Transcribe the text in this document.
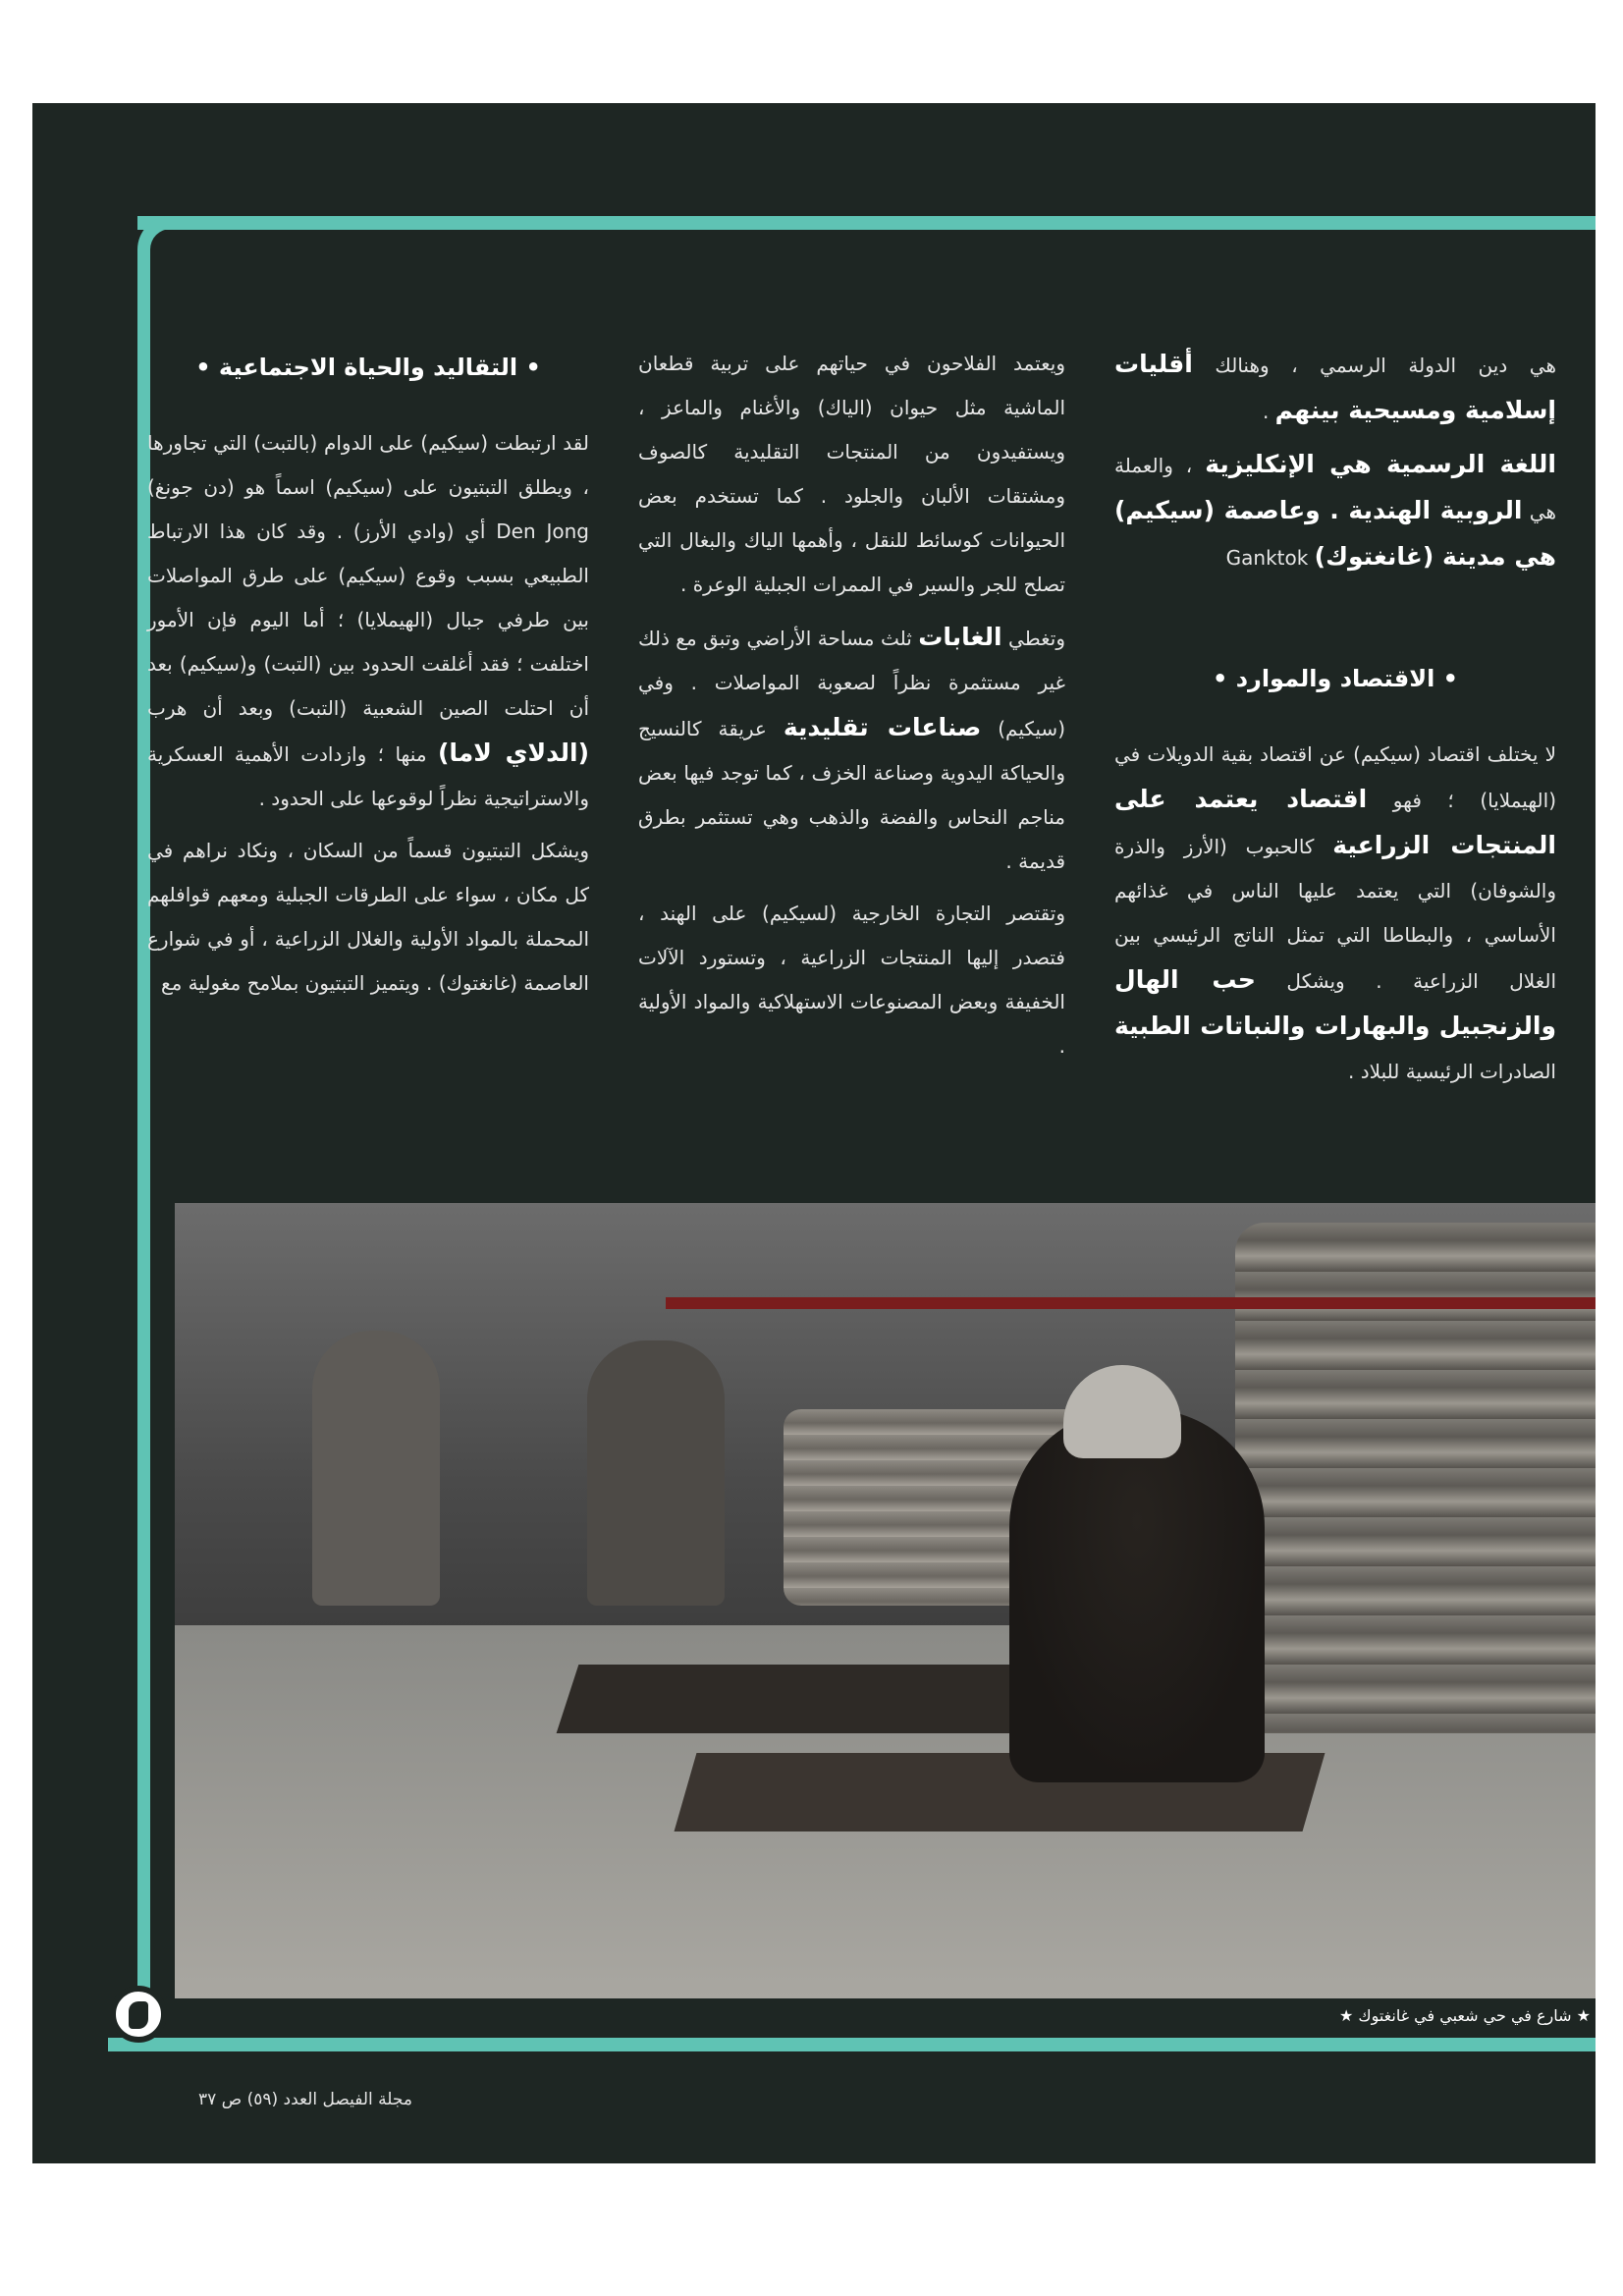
هي دين الدولة الرسمي ، وهنالك أقليات إسلامية ومسيحية بينهم .

اللغة الرسمية هي الإنكليزية ، والعملة هي الروبية الهندية . وعاصمة (سيكيم) هي مدينة (غانغتوك) Ganktok

• الاقتصاد والموارد •

لا يختلف اقتصاد (سيكيم) عن اقتصاد بقية الدويلات في (الهيملايا) ؛ فهو اقتصاد يعتمد على المنتجات الزراعية كالحبوب (الأرز والذرة والشوفان) التي يعتمد عليها الناس في غذائهم الأساسي ، والبطاطا التي تمثل الناتج الرئيسي بين الغلال الزراعية . ويشكل حب الهال والزنجبيل والبهارات والنباتات الطبية الصادرات الرئيسية للبلاد .

ويعتمد الفلاحون في حياتهم على تربية قطعان الماشية مثل حيوان (الياك) والأغنام والماعز ، ويستفيدون من المنتجات التقليدية كالصوف ومشتقات الألبان والجلود . كما تستخدم بعض الحيوانات كوسائط للنقل ، وأهمها الياك والبغال التي تصلح للجر والسير في الممرات الجبلية الوعرة .

وتغطي الغابات ثلث مساحة الأراضي وتبق مع ذلك غير مستثمرة نظراً لصعوبة المواصلات . وفي (سيكيم) صناعات تقليدية عريقة كالنسيج والحياكة اليدوية وصناعة الخزف ، كما توجد فيها بعض مناجم النحاس والفضة والذهب وهي تستثمر بطرق قديمة .

وتقتصر التجارة الخارجية (لسيكيم) على الهند ، فتصدر إليها المنتجات الزراعية ، وتستورد الآلات الخفيفة وبعض المصنوعات الاستهلاكية والمواد الأولية .

• التقاليد والحياة الاجتماعية •

لقد ارتبطت (سيكيم) على الدوام (بالتبت) التي تجاورها ، ويطلق التبتيون على (سيكيم) اسماً هو (دن جونغ) Den Jong أي (وادي الأرز) . وقد كان هذا الارتباط الطبيعي بسبب وقوع (سيكيم) على طرق المواصلات بين طرفي جبال (الهيملايا) ؛ أما اليوم فإن الأمور اختلفت ؛ فقد أغلقت الحدود بين (التبت) و(سيكيم) بعد أن احتلت الصين الشعبية (التبت) وبعد أن هرب (الدلاي لاما) منها ؛ وازدادت الأهمية العسكرية والاستراتيجية نظراً لوقوعها على الحدود .

ويشكل التبتيون قسماً من السكان ، ونكاد نراهم في كل مكان ، سواء على الطرقات الجبلية ومعهم قوافلهم المحملة بالمواد الأولية والغلال الزراعية ، أو في شوارع العاصمة (غانغتوك) . ويتميز التبتيون بملامح مغولية مع

★ شارع في حي شعبي في غانغتوك ★
مجلة الفيصل العدد (٥٩) ص ٣٧
